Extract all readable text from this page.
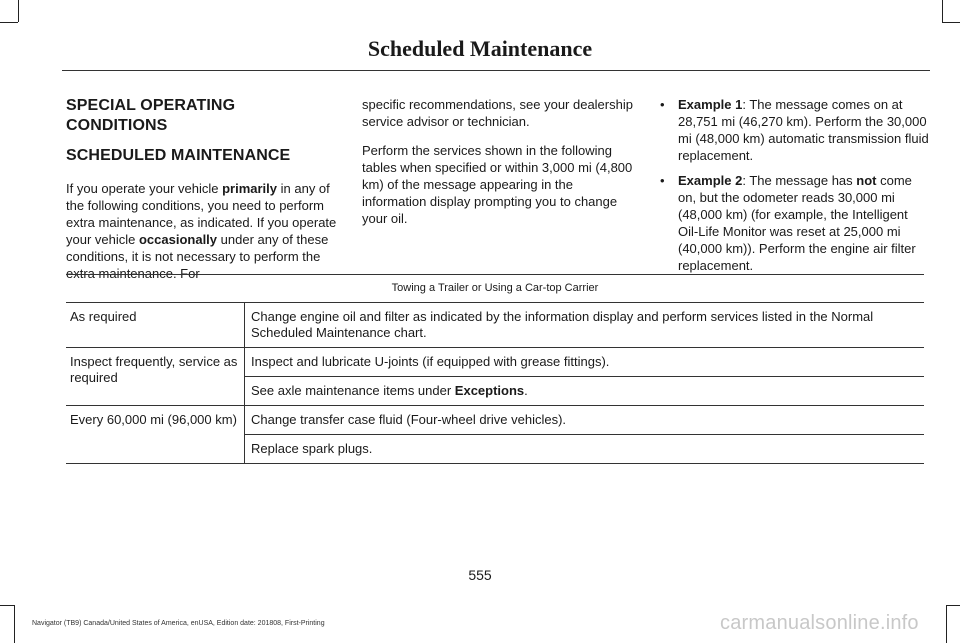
Scheduled Maintenance
SPECIAL OPERATING CONDITIONS
SCHEDULED MAINTENANCE

If you operate your vehicle primarily in any of the following conditions, you need to perform extra maintenance, as indicated. If you operate your vehicle occasionally under any of these conditions, it is not necessary to perform the extra maintenance. For

specific recommendations, see your dealership service advisor or technician.

Perform the services shown in the following tables when specified or within 3,000 mi (4,800 km) of the message appearing in the information display prompting you to change your oil.

• Example 1: The message comes on at 28,751 mi (46,270 km). Perform the 30,000 mi (48,000 km) automatic transmission fluid replacement.
• Example 2: The message has not come on, but the odometer reads 30,000 mi (48,000 km) (for example, the Intelligent Oil-Life Monitor was reset at 25,000 mi (40,000 km)). Perform the engine air filter replacement.
Towing a Trailer or Using a Car-top Carrier	
As required	Change engine oil and filter as indicated by the information display and perform services listed in the Normal Scheduled Maintenance chart.
Inspect frequently, service as required	Inspect and lubricate U-joints (if equipped with grease fittings).
	See axle maintenance items under Exceptions.
Every 60,000 mi (96,000 km)	Change transfer case fluid (Four-wheel drive vehicles).
	Replace spark plugs.
555
Navigator (TB9) Canada/United States of America, enUSA, Edition date: 201808, First-Printing	carmanualsonline.info
